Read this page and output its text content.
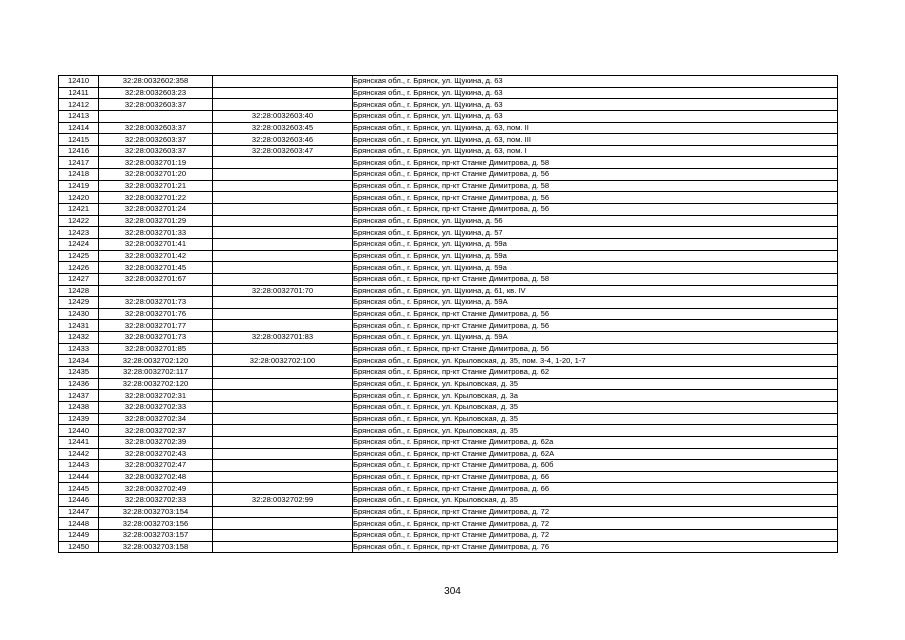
12410	32:28:0032602:358		Брянская обл., г. Брянск, ул. Щукина, д. 63
12411	32:28:0032603:23		Брянская обл., г. Брянск, ул. Щукина, д. 63
12412	32:28:0032603:37		Брянская обл., г. Брянск, ул. Щукина, д. 63
12413		32:28:0032603:40	Брянская обл., г. Брянск, ул. Щукина, д. 63
12414	32:28:0032603:37	32:28:0032603:45	Брянская обл., г. Брянск, ул. Щукина, д. 63, пом. II
12415	32:28:0032603:37	32:28:0032603:46	Брянская обл., г. Брянск, ул. Щукина, д. 63, пом. III
12416	32:28:0032603:37	32:28:0032603:47	Брянская обл., г. Брянск, ул. Щукина, д. 63, пом. I
12417	32:28:0032701:19		Брянская обл., г. Брянск, пр-кт Станке Димитрова, д. 58
12418	32:28:0032701:20		Брянская обл., г. Брянск, пр-кт Станке Димитрова, д. 56
12419	32:28:0032701:21		Брянская обл., г. Брянск, пр-кт Станке Димитрова, д. 58
12420	32:28:0032701:22		Брянская обл., г. Брянск, пр-кт Станке Димитрова, д. 56
12421	32:28:0032701:24		Брянская обл., г. Брянск, пр-кт Станке Димитрова, д. 56
12422	32:28:0032701:29		Брянская обл., г. Брянск, ул. Щукина, д. 56
12423	32:28:0032701:33		Брянская обл., г. Брянск, ул. Щукина, д. 57
12424	32:28:0032701:41		Брянская обл., г. Брянск, ул. Щукина, д. 59а
12425	32:28:0032701:42		Брянская обл., г. Брянск, ул. Щукина, д. 59а
12426	32:28:0032701:45		Брянская обл., г. Брянск, ул. Щукина, д. 59а
12427	32:28:0032701:67		Брянская обл., г. Брянск, пр-кт Станке Димитрова, д. 58
12428		32:28:0032701:70	Брянская обл., г. Брянск, ул. Щукина, д. 61, кв. IV
12429	32:28:0032701:73		Брянская обл., г. Брянск, ул. Щукина, д. 59А
12430	32:28:0032701:76		Брянская обл., г. Брянск, пр-кт Станке Димитрова, д. 56
12431	32:28:0032701:77		Брянская обл., г. Брянск, пр-кт Станке Димитрова, д. 56
12432	32:28:0032701:73	32:28:0032701:83	Брянская обл., г. Брянск, ул. Щукина, д. 59А
12433	32:28:0032701:85		Брянская обл., г. Брянск, пр-кт Станке Димитрова, д. 56
12434	32:28:0032702:120	32:28:0032702:100	Брянская обл., г. Брянск, ул. Крыловская, д. 35, пом. 3-4, 1-20, 1-7
12435	32:28:0032702:117		Брянская обл., г. Брянск, пр-кт Станке Димитрова, д. 62
12436	32:28:0032702:120		Брянская обл., г. Брянск, ул. Крыловская, д. 35
12437	32:28:0032702:31		Брянская обл., г. Брянск, ул. Крыловская, д. 3а
12438	32:28:0032702:33		Брянская обл., г. Брянск, ул. Крыловская, д. 35
12439	32:28:0032702:34		Брянская обл., г. Брянск, ул. Крыловская, д. 35
12440	32:28:0032702:37		Брянская обл., г. Брянск, ул. Крыловская, д. 35
12441	32:28:0032702:39		Брянская обл., г. Брянск, пр-кт Станке Димитрова, д. 62а
12442	32:28:0032702:43		Брянская обл., г. Брянск, пр-кт Станке Димитрова, д. 62А
12443	32:28:0032702:47		Брянская обл., г. Брянск, пр-кт Станке Димитрова, д. 60б
12444	32:28:0032702:48		Брянская обл., г. Брянск, пр-кт Станке Димитрова, д. 66
12445	32:28:0032702:49		Брянская обл., г. Брянск, пр-кт Станке Димитрова, д. 66
12446	32:28:0032702:33	32:28:0032702:99	Брянская обл., г. Брянск, ул. Крыловская, д. 35
12447	32:28:0032703:154		Брянская обл., г. Брянск, пр-кт Станке Димитрова, д. 72
12448	32:28:0032703:156		Брянская обл., г. Брянск, пр-кт Станке Димитрова, д. 72
12449	32:28:0032703:157		Брянская обл., г. Брянск, пр-кт Станке Димитрова, д. 72
12450	32:28:0032703:158		Брянская обл., г. Брянск, пр-кт Станке Димитрова, д. 76
304
